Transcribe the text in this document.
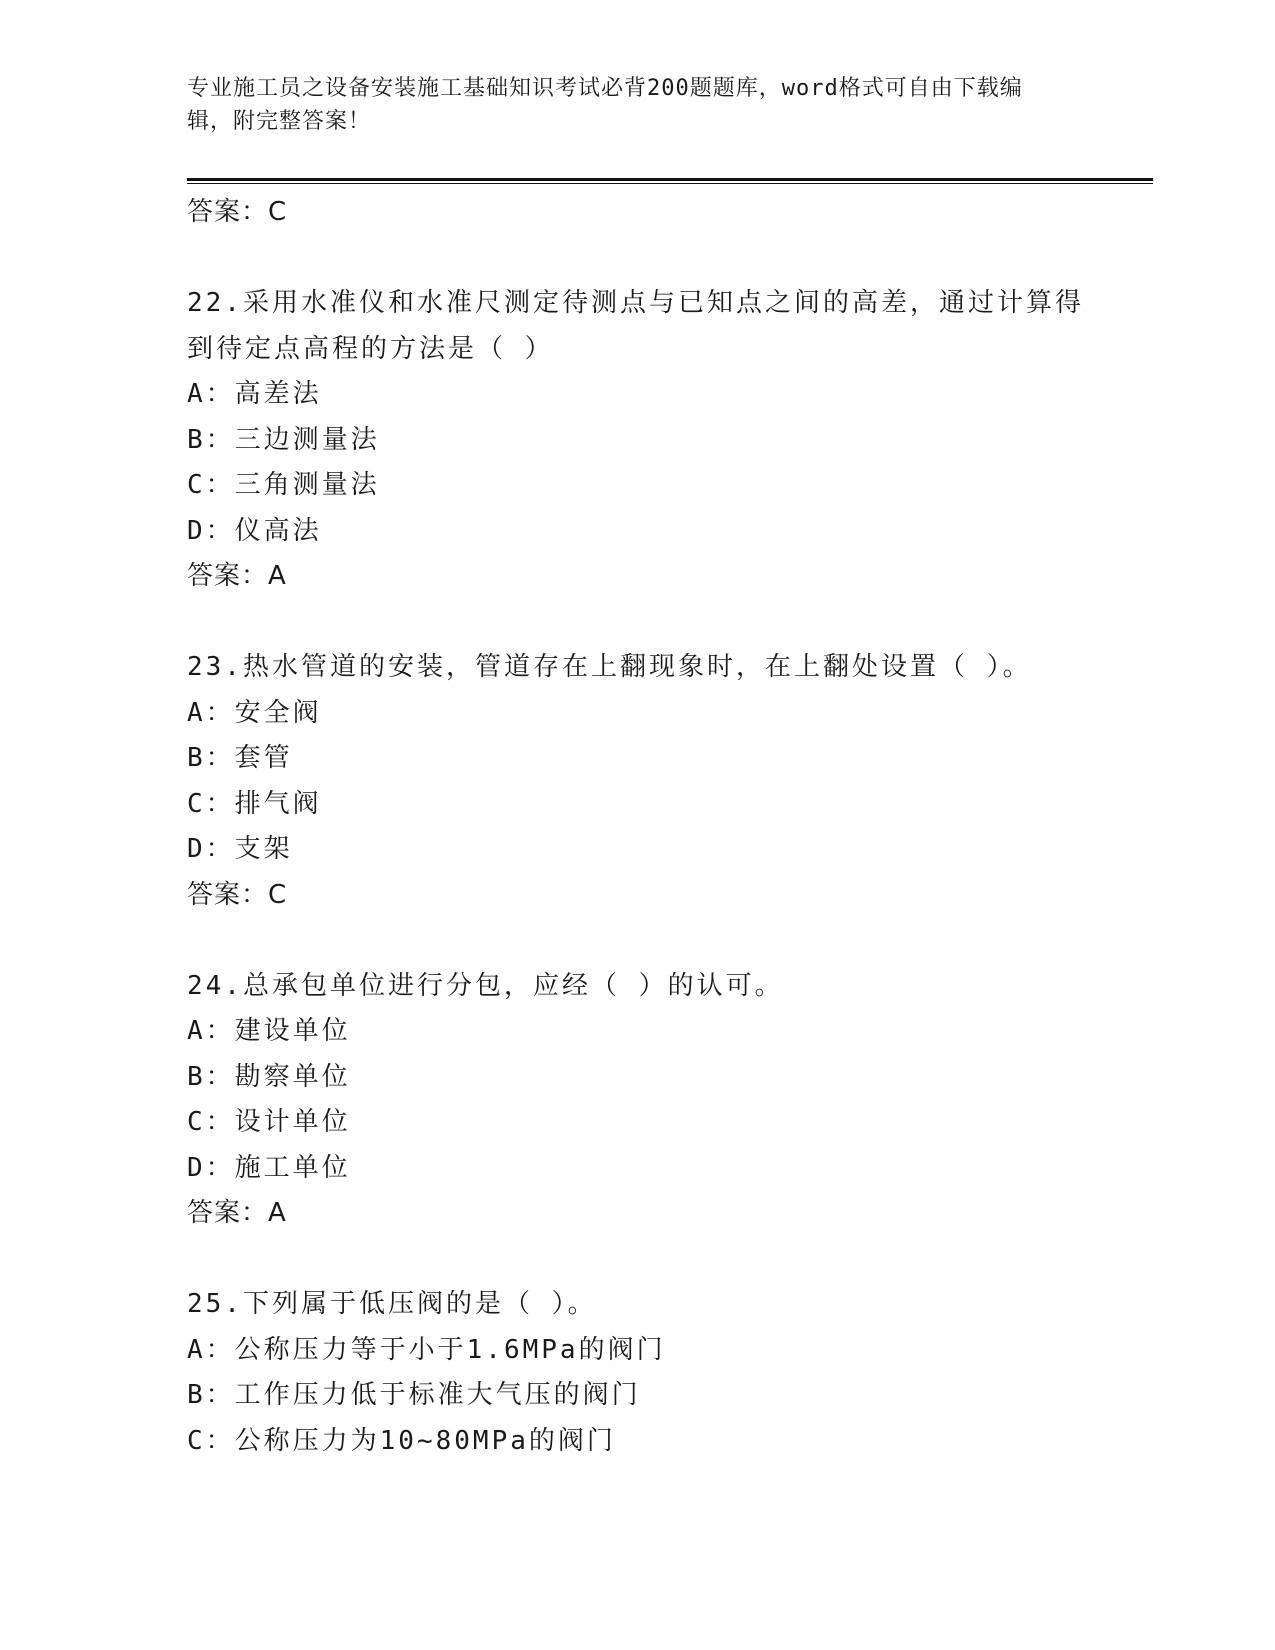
专业施工员之设备安装施工基础知识考试必背200题题库，word格式可自由下载编辑，附完整答案！
答案：C
22.采用水准仪和水准尺测定待测点与已知点之间的高差，通过计算得
到待定点高程的方法是（ ）
A：高差法
B：三边测量法
C：三角测量法
D：仪高法
答案：A
23.热水管道的安装，管道存在上翻现象时，在上翻处设置（ ）。
A：安全阀
B：套管
C：排气阀
D：支架
答案：C
24.总承包单位进行分包，应经（ ）的认可。
A：建设单位
B：勘察单位
C：设计单位
D：施工单位
答案：A
25.下列属于低压阀的是（ ）。
A：公称压力等于小于1.6MPa的阀门
B：工作压力低于标准大气压的阀门
C：公称压力为10~80MPa的阀门
